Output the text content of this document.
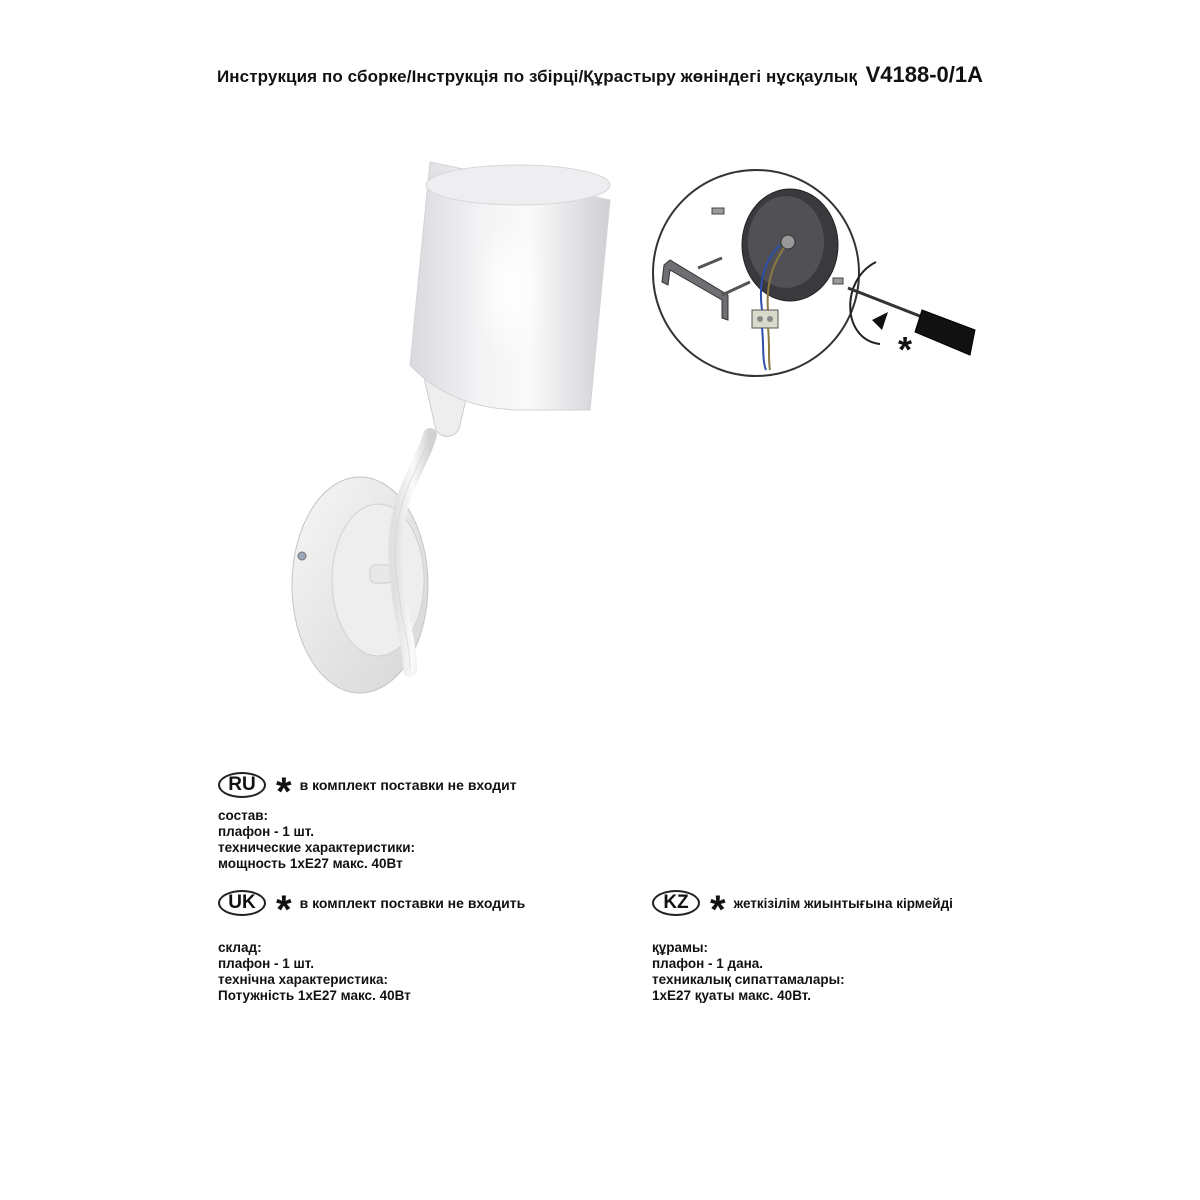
Инструкция по сборке/Інструкція по збірці/Құрастыру жөніндегі нұсқаулық V4188-0/1A
*
RU * в комплект поставки не входит
состав:
плафон - 1 шт.
технические характеристики:
мощность 1хЕ27 макс. 40Вт
UK * в комплект поставки не входить
склад:
плафон - 1 шт.
технічна характеристика:
Потужність 1хЕ27 макс. 40Вт
KZ * жеткізілім жиынтығына кірмейді
құрамы:
плафон - 1 дана.
техникалық сипаттамалары:
1хЕ27 қуаты макс. 40Вт.
